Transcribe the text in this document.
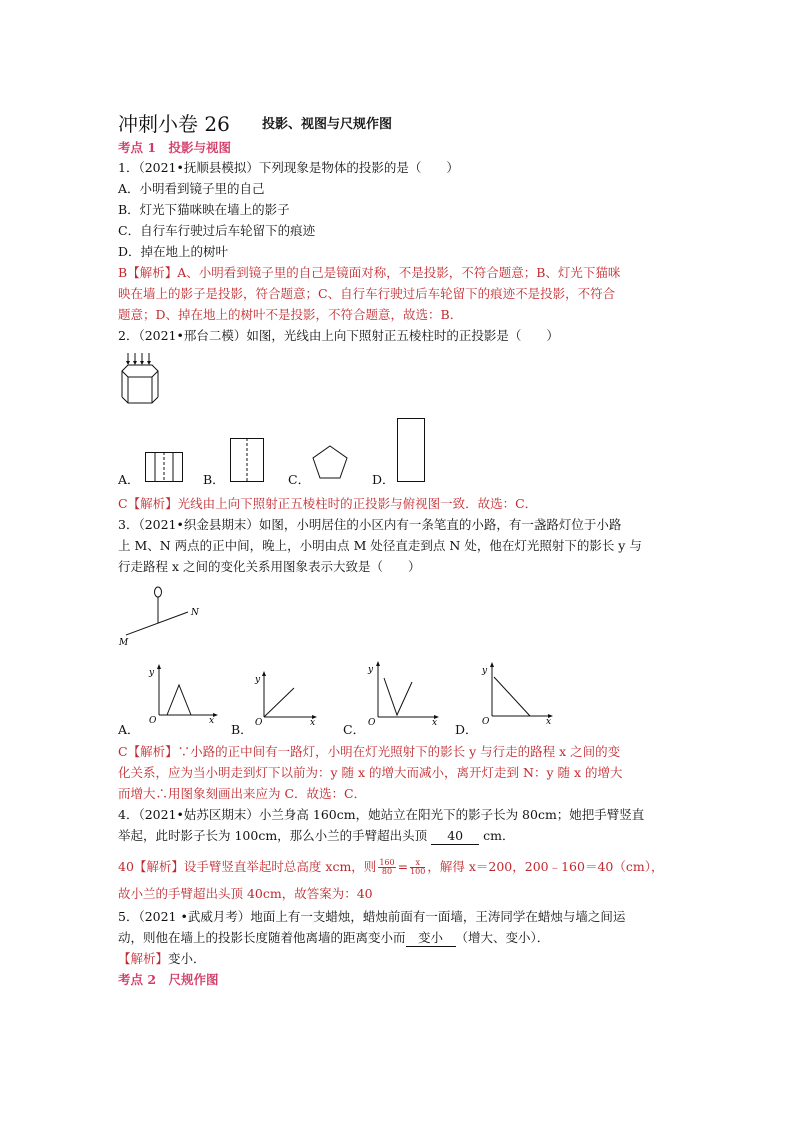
冲刺小卷 26 投影、视图与尺规作图
考点 1　投影与视图
1．（2021•抚顺县模拟）下列现象是物体的投影的是（　　）
A．小明看到镜子里的自己
B．灯光下猫咪映在墙上的影子
C．自行车行驶过后车轮留下的痕迹
D．掉在地上的树叶
B【解析】A、小明看到镜子里的自己是镜面对称，不是投影，不符合题意；B、灯光下猫咪
映在墙上的影子是投影，符合题意；C、自行车行驶过后车轮留下的痕迹不是投影，不符合
题意；D、掉在地上的树叶不是投影，不符合题意，故选：B．
2．（2021•邢台二模）如图，光线由上向下照射正五棱柱时的正投影是（　　）
A．	B．	C．	D．
C【解析】光线由上向下照射正五棱柱时的正投影与俯视图一致．故选：C．
3．（2021•织金县期末）如图，小明居住的小区内有一条笔直的小路，有一盏路灯位于小路
上 M、N 两点的正中间，晚上，小明由点 M 处径直走到点 N 处，他在灯光照射下的影长 y 与
行走路程 x 之间的变化关系用图象表示大致是（　　）
M
N
A．
y
x
O
B．
y
x
O	C．
y
x
O	D．
y
x
O
C【解析】∵小路的正中间有一路灯，小明在灯光照射下的影长 y 与行走的路程 x 之间的变
化关系，应为当小明走到灯下以前为：y 随 x 的增大而减小，离开灯走到 N：y 随 x 的增大
而增大∴用图象刻画出来应为 C．故选：C．
4．（2021•姑苏区期末）小兰身高 160cm，她站立在阳光下的影子长为 80cm；她把手臂竖直
举起，此时影子长为 100cm，那么小兰的手臂超出头顶 40 cm．
40【解析】设手臂竖直举起时总高度 xcm，则 $\frac{160}{80} = \frac{x}{100}$ ，解得 x＝200，200﹣160＝40（cm），
故小兰的手臂超出头顶 40cm，故答案为：40
5．（2021 •武威月考）地面上有一支蜡烛，蜡烛前面有一面墙，王涛同学在蜡烛与墙之间运
动，则他在墙上的投影长度随着他离墙的距离变小而 变小 （增大、变小）．
【解析】变小．
考点 2　尺规作图
